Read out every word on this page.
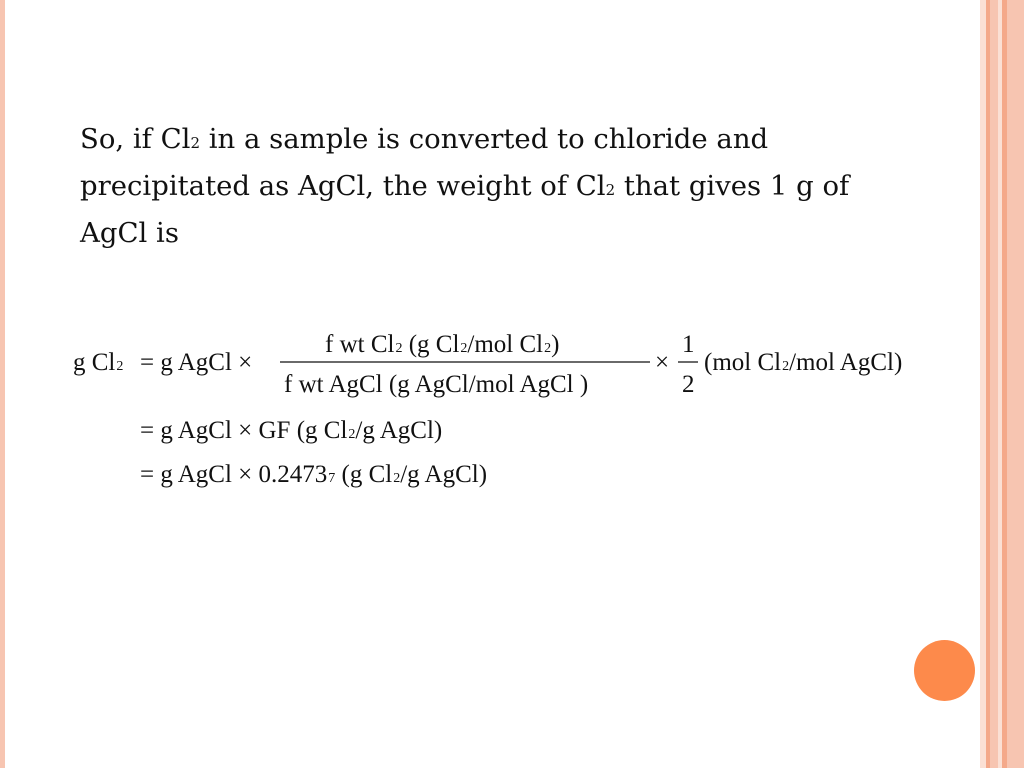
So, if Cl2 in a sample is converted to chloride and
precipitated as AgCl, the weight of Cl2 that gives 1 g of
AgCl is
g Cl2 = g AgCl ×
f wt Cl2 (g Cl2/mol Cl2)
f wt AgCl (g AgCl/mol AgCl )
×
1
2
(mol Cl2/mol AgCl)
= g AgCl × GF (g Cl2/g AgCl)
= g AgCl × 0.24737 (g Cl2/g AgCl)
